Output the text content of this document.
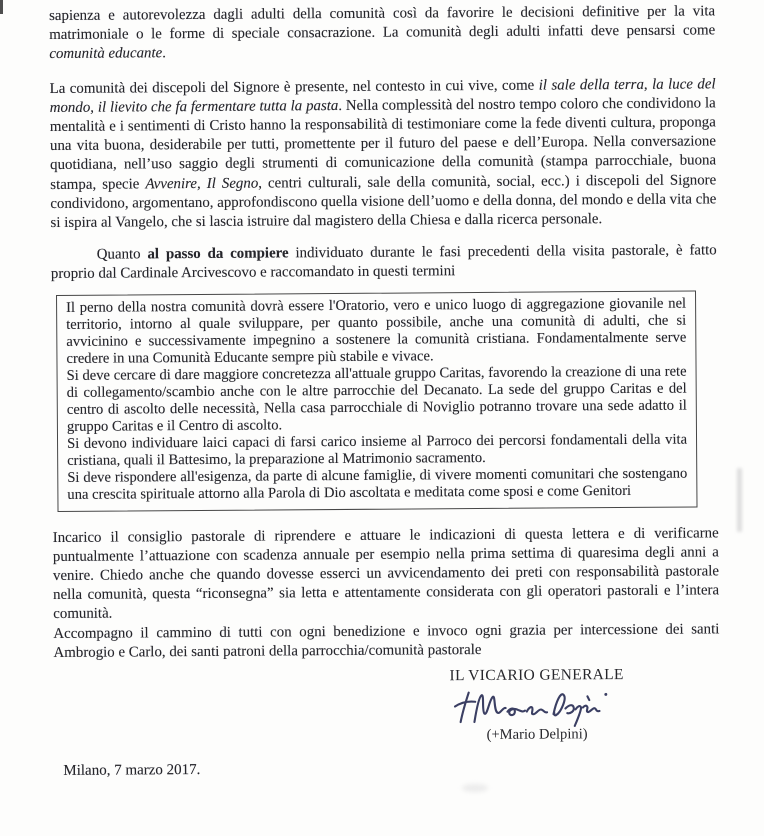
sapienza e autorevolezza dagli adulti della comunità così da favorire le decisioni definitive per la vita matrimoniale o le forme di speciale consacrazione. La comunità degli adulti infatti deve pensarsi come comunità educante.

La comunità dei discepoli del Signore è presente, nel contesto in cui vive, come il sale della terra, la luce del mondo, il lievito che fa fermentare tutta la pasta. Nella complessità del nostro tempo coloro che condividono la mentalità e i sentimenti di Cristo hanno la responsabilità di testimoniare come la fede diventi cultura, proponga una vita buona, desiderabile per tutti, promettente per il futuro del paese e dell’Europa. Nella conversazione quotidiana, nell’uso saggio degli strumenti di comunicazione della comunità (stampa parrocchiale, buona stampa, specie Avvenire, Il Segno, centri culturali, sale della comunità, social, ecc.) i discepoli del Signore condividono, argomentano, approfondiscono quella visione dell’uomo e della donna, del mondo e della vita che si ispira al Vangelo, che si lascia istruire dal magistero della Chiesa e dalla ricerca personale.

Quanto al passo da compiere individuato durante le fasi precedenti della visita pastorale, è fatto proprio dal Cardinale Arcivescovo e raccomandato in questi termini

Il perno della nostra comunità dovrà essere l'Oratorio, vero e unico luogo di aggregazione giovanile nel territorio, intorno al quale sviluppare, per quanto possibile, anche una comunità di adulti, che si avvicinino e successivamente impegnino a sostenere la comunità cristiana. Fondamentalmente serve credere in una Comunità Educante sempre più stabile e vivace.

Si deve cercare di dare maggiore concretezza all'attuale gruppo Caritas, favorendo la creazione di una rete di collegamento/scambio anche con le altre parrocchie del Decanato. La sede del gruppo Caritas e del centro di ascolto delle necessità, Nella casa parrocchiale di Noviglio potranno trovare una sede adatto il gruppo Caritas e il Centro di ascolto.

Si devono individuare laici capaci di farsi carico insieme al Parroco dei percorsi fondamentali della vita cristiana, quali il Battesimo, la preparazione al Matrimonio sacramento.

Si deve rispondere all'esigenza, da parte di alcune famiglie, di vivere momenti comunitari che sostengano una crescita spirituale attorno alla Parola di Dio ascoltata e meditata come sposi e come Genitori

Incarico il consiglio pastorale di riprendere e attuare le indicazioni di questa lettera e di verificarne puntualmente l’attuazione con scadenza annuale per esempio nella prima settima di quaresima degli anni a venire. Chiedo anche che quando dovesse esserci un avvicendamento dei preti con responsabilità pastorale nella comunità, questa “riconsegna” sia letta e attentamente considerata con gli operatori pastorali e l’intera comunità.

Accompagno il cammino di tutti con ogni benedizione e invoco ogni grazia per intercessione dei santi Ambrogio e Carlo, dei santi patroni della parrocchia/comunità pastorale

IL VICARIO GENERALE
(+Mario Delpini)

Milano, 7 marzo 2017.
